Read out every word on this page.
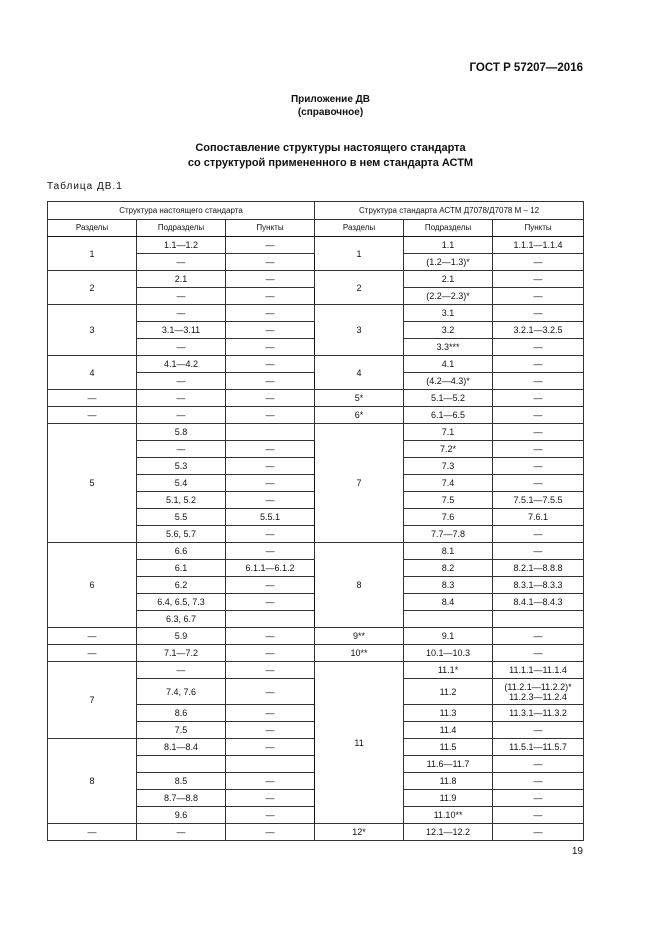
ГОСТ Р 57207—2016
Приложение ДВ
(справочное)
Сопоставление структуры настоящего стандарта
со структурой примененного в нем стандарта АСТМ
Таблица ДВ.1
Структура настоящего стандарта			Структура стандарта АСТМ Д7078/Д7078 М – 12		
Разделы	Подразделы	Пункты	Разделы	Подразделы	Пункты
1	1.1—1.2	—	1	1.1	1.1.1—1.1.4
	—	—		(1.2—1.3)*	—
2	2.1	—	2	2.1	—
	—	—		(2.2—2.3)*	—
3	—	—	3	3.1	—
	3.1—3.11	—		3.2	3.2.1—3.2.5
	—	—		3.3***	—
4	4.1—4.2	—	4	4.1	—
	—	—		(4.2—4.3)*	—
—	—	—	5*	5.1—5.2	—
—	—	—	6*	6.1—6.5	—
5	5.8		7	7.1	—
	—	—		7.2*	—
	5.3	—		7.3	—
	5.4	—		7.4	—
	5.1, 5.2	—		7.5	7.5.1—7.5.5
	5.5	5.5.1		7.6	7.6.1
	5.6, 5.7	—		7.7—7.8	—
6	6.6	—	8	8.1	—
	6.1	6.1.1—6.1.2		8.2	8.2.1—8.8.8
	6.2	—		8.3	8.3.1—8.3.3
	6.4, 6.5, 7.3	—		8.4	8.4.1—8.4.3
	6.3, 6.7				
—	5.9	—	9**	9.1	—
—	7.1—7.2	—	10**	10.1—10.3	—
7	—	—	11	11.1*	11.1.1—11.1.4
	7.4, 7.6	—		11.2	(11.2.1—11.2.2)*
11.2.3—11.2.4

	8.6	—		11.3	11.3.1—11.3.2
	7.5	—		11.4	—
8	8.1—8.4	—		11.5	11.5.1—11.5.7
				11.6—11.7	—
	8.5	—		11.8	—
	8.7—8.8	—		11.9	—
	9.6	—		11.10**	—
—	—	—	12*	12.1—12.2	—
19
